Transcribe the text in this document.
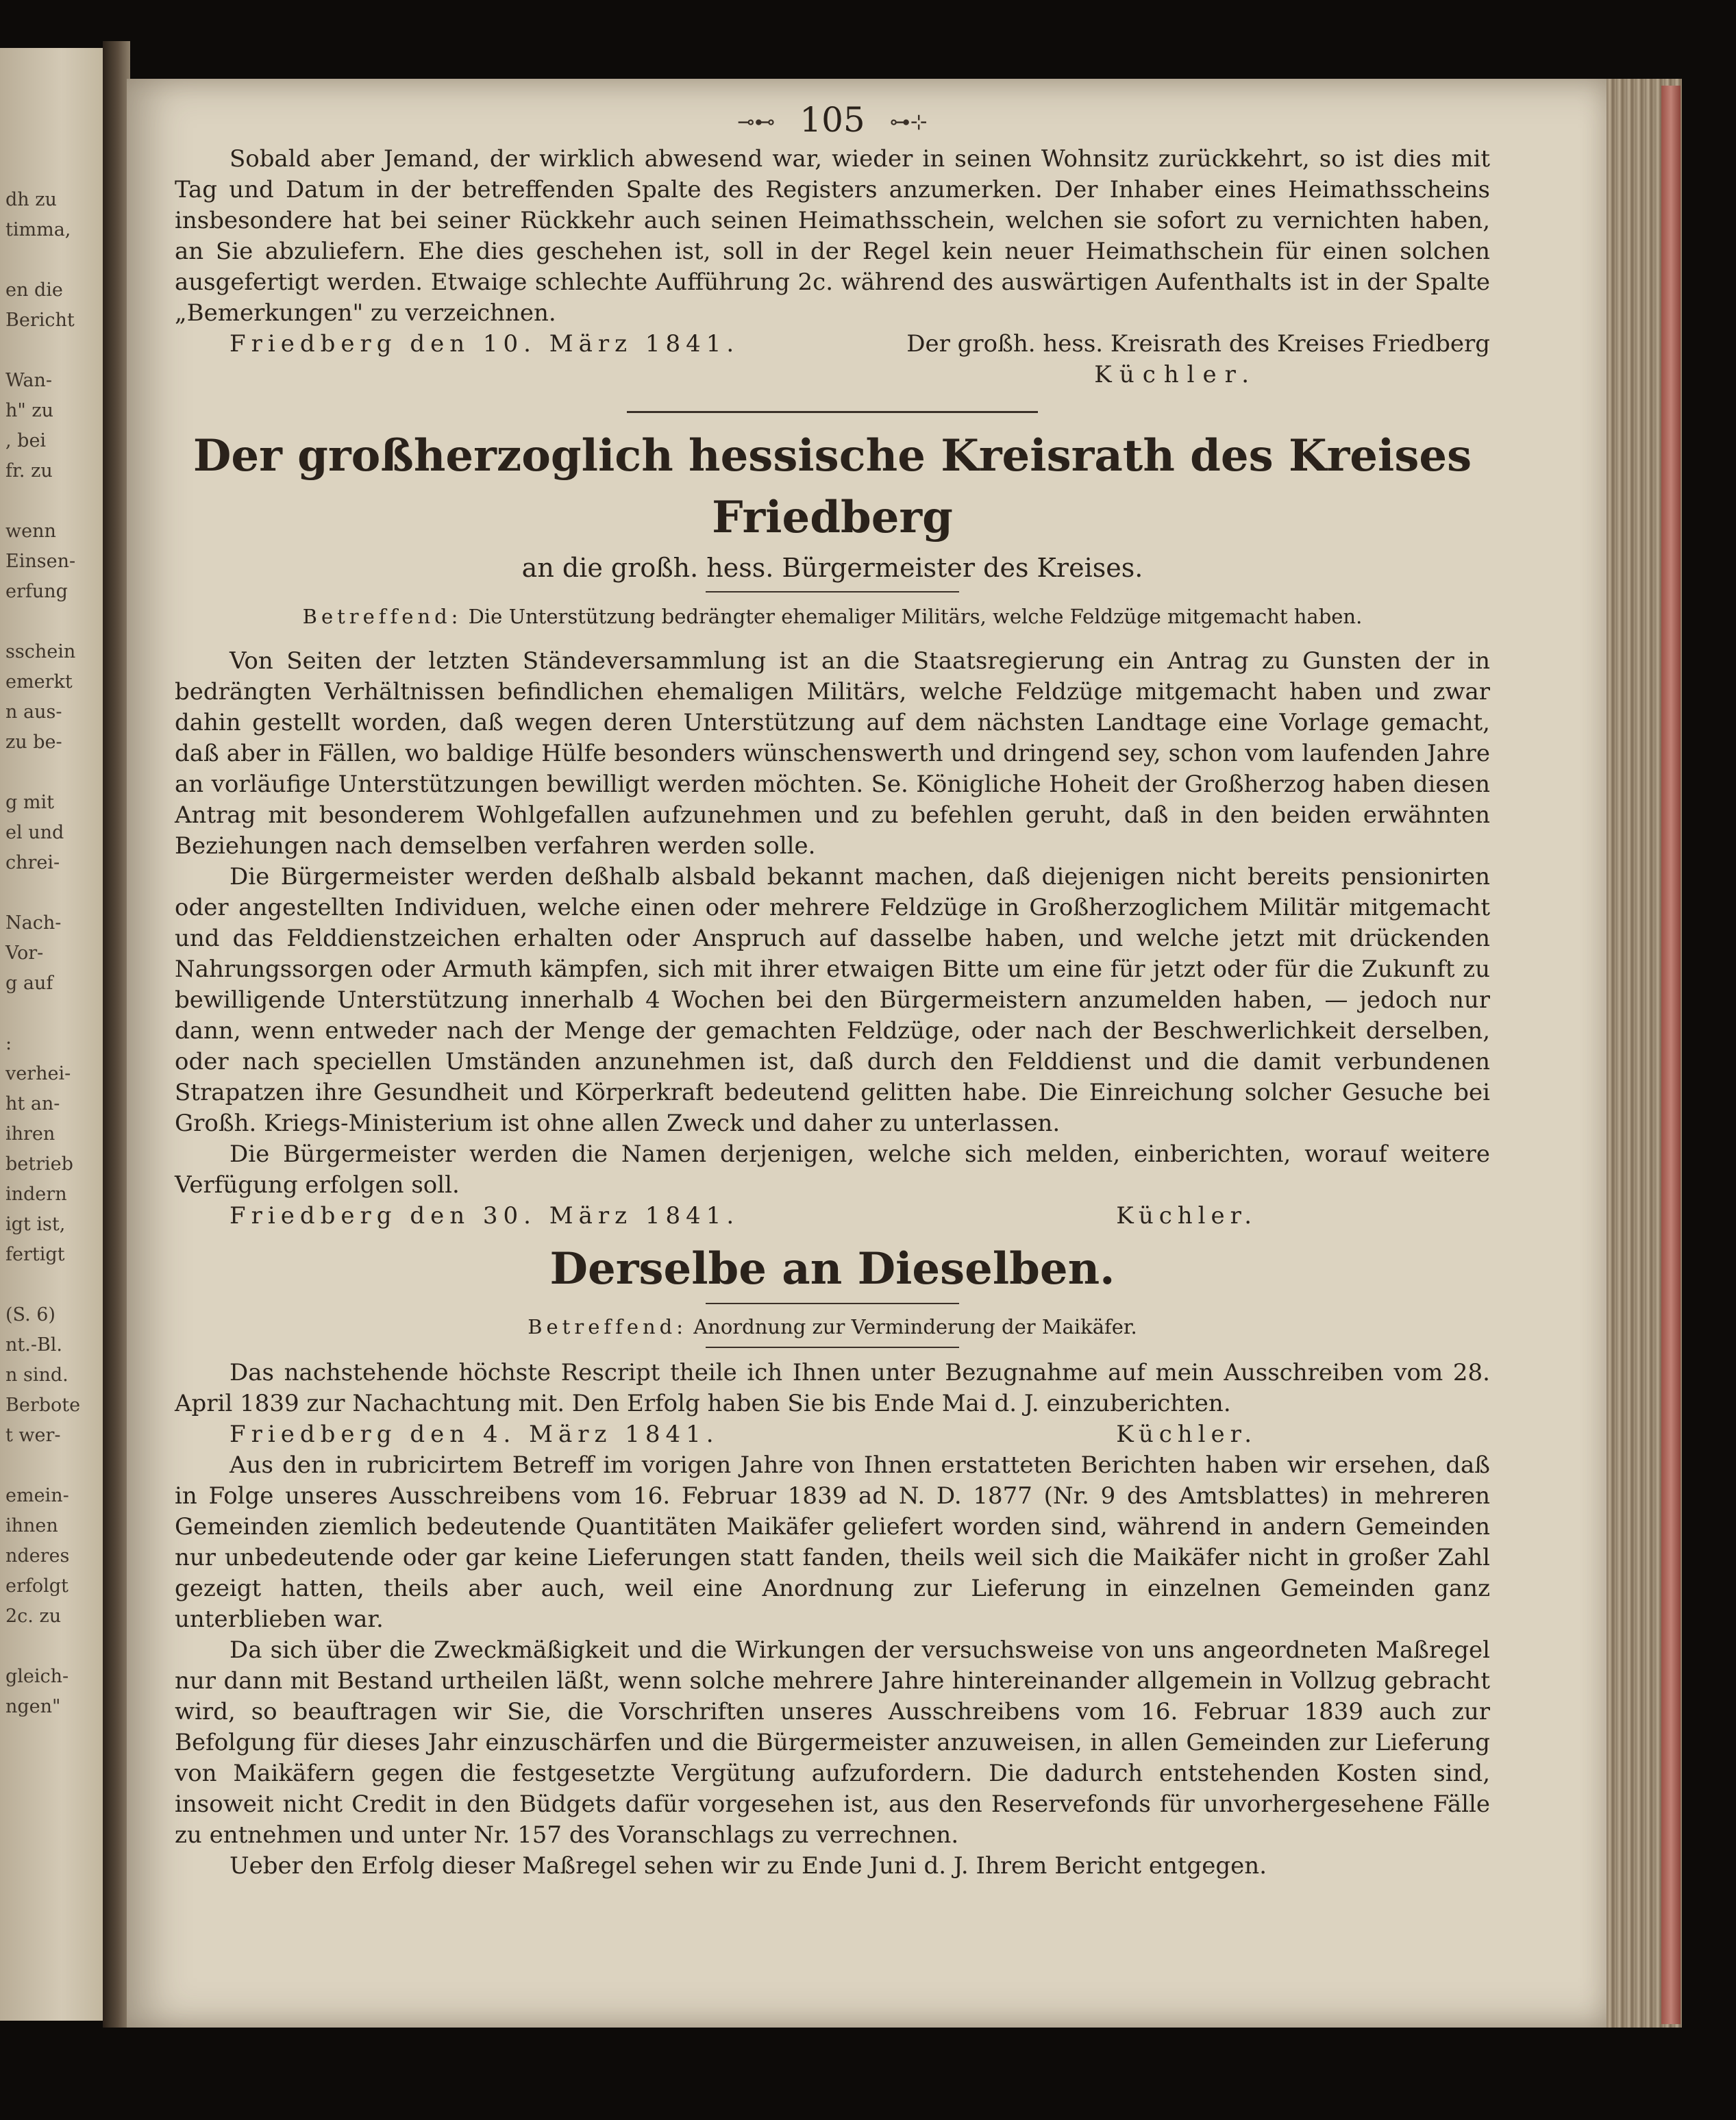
dh zu
timma,
en die
Bericht
Wan-
h" zu
, bei
fr. zu
wenn
Einsen-
erfung
sschein
emerkt
n aus-
zu be-
g mit
el und
chrei-
Nach-
Vor-
g auf
:
verhei-
ht an-
ihren
betrieb
indern
igt ist,
fertigt
(S. 6)
nt.-Bl.
n sind.
Berbote
t wer-
emein-
ihnen
nderes
erfolgt
2c. zu
gleich-
ngen"
⊸⊷ 105 ⊶⊹

Sobald aber Jemand, der wirklich abwesend war, wieder in seinen Wohnsitz zurückkehrt, so ist dies mit Tag und Datum in der betreffenden Spalte des Registers anzumerken. Der Inhaber eines Heimathsscheins insbesondere hat bei seiner Rückkehr auch seinen Heimathsschein, welchen sie sofort zu vernichten haben, an Sie abzuliefern. Ehe dies geschehen ist, soll in der Regel kein neuer Heimathschein für einen solchen ausgefertigt werden. Etwaige schlechte Aufführung 2c. während des auswärtigen Aufenthalts ist in der Spalte „Bemerkungen" zu verzeichnen.

Friedberg den 10. März 1841.	Der großh. hess. Kreisrath des Kreises Friedberg
Küchler.
Der großherzoglich hessische Kreisrath des Kreises Friedberg
an die großh. hess. Bürgermeister des Kreises.
Betreffend: Die Unterstützung bedrängter ehemaliger Militärs, welche Feldzüge mitgemacht haben.

Von Seiten der letzten Ständeversammlung ist an die Staatsregierung ein Antrag zu Gunsten der in bedrängten Verhältnissen befindlichen ehemaligen Militärs, welche Feldzüge mitgemacht haben und zwar dahin gestellt worden, daß wegen deren Unterstützung auf dem nächsten Landtage eine Vorlage gemacht, daß aber in Fällen, wo baldige Hülfe besonders wünschenswerth und dringend sey, schon vom laufenden Jahre an vorläufige Unterstützungen bewilligt werden möchten. Se. Königliche Hoheit der Großherzog haben diesen Antrag mit besonderem Wohlgefallen aufzunehmen und zu befehlen geruht, daß in den beiden erwähnten Beziehungen nach demselben verfahren werden solle.

Die Bürgermeister werden deßhalb alsbald bekannt machen, daß diejenigen nicht bereits pensionirten oder angestellten Individuen, welche einen oder mehrere Feldzüge in Großherzoglichem Militär mitgemacht und das Felddienstzeichen erhalten oder Anspruch auf dasselbe haben, und welche jetzt mit drückenden Nahrungssorgen oder Armuth kämpfen, sich mit ihrer etwaigen Bitte um eine für jetzt oder für die Zukunft zu bewilligende Unterstützung innerhalb 4 Wochen bei den Bürgermeistern anzumelden haben, — jedoch nur dann, wenn entweder nach der Menge der gemachten Feldzüge, oder nach der Beschwerlichkeit derselben, oder nach speciellen Umständen anzunehmen ist, daß durch den Felddienst und die damit verbundenen Strapatzen ihre Gesundheit und Körperkraft bedeutend gelitten habe. Die Einreichung solcher Gesuche bei Großh. Kriegs-Ministerium ist ohne allen Zweck und daher zu unterlassen.

Die Bürgermeister werden die Namen derjenigen, welche sich melden, einberichten, worauf weitere Verfügung erfolgen soll.

Friedberg den 30. März 1841.	Küchler.
Derselbe an Dieselben.
Betreffend: Anordnung zur Verminderung der Maikäfer.

Das nachstehende höchste Rescript theile ich Ihnen unter Bezugnahme auf mein Ausschreiben vom 28. April 1839 zur Nachachtung mit. Den Erfolg haben Sie bis Ende Mai d. J. einzuberichten.

Friedberg den 4. März 1841.	Küchler.

Aus den in rubricirtem Betreff im vorigen Jahre von Ihnen erstatteten Berichten haben wir ersehen, daß in Folge unseres Ausschreibens vom 16. Februar 1839 ad N. D. 1877 (Nr. 9 des Amtsblattes) in mehreren Gemeinden ziemlich bedeutende Quantitäten Maikäfer geliefert worden sind, während in andern Gemeinden nur unbedeutende oder gar keine Lieferungen statt fanden, theils weil sich die Maikäfer nicht in großer Zahl gezeigt hatten, theils aber auch, weil eine Anordnung zur Lieferung in einzelnen Gemeinden ganz unterblieben war.

Da sich über die Zweckmäßigkeit und die Wirkungen der versuchsweise von uns angeordneten Maßregel nur dann mit Bestand urtheilen läßt, wenn solche mehrere Jahre hintereinander allgemein in Vollzug gebracht wird, so beauftragen wir Sie, die Vorschriften unseres Ausschreibens vom 16. Februar 1839 auch zur Befolgung für dieses Jahr einzuschärfen und die Bürgermeister anzuweisen, in allen Gemeinden zur Lieferung von Maikäfern gegen die festgesetzte Vergütung aufzufordern. Die dadurch entstehenden Kosten sind, insoweit nicht Credit in den Büdgets dafür vorgesehen ist, aus den Reservefonds für unvorhergesehene Fälle zu entnehmen und unter Nr. 157 des Voranschlags zu verrechnen.

Ueber den Erfolg dieser Maßregel sehen wir zu Ende Juni d. J. Ihrem Bericht entgegen.
